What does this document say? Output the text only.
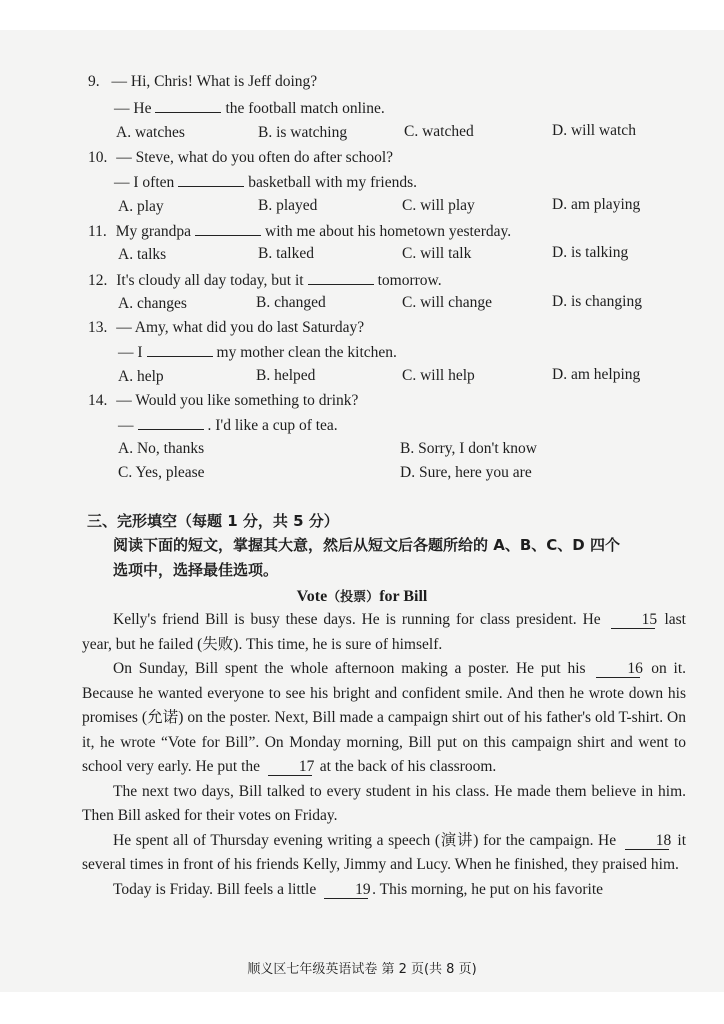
9. — Hi, Chris! What is Jeff doing?
— He	the football match online.
A. watches	B. is watching	C. watched	D. will watch
10. — Steve, what do you often do after school?
— I often	basketball with my friends.
A. play	B. played	C. will play	D. am playing
11. My grandpa	with me about his hometown yesterday.
A. talks	B. talked	C. will talk	D. is talking
12. It's cloudy all day today, but it	tomorrow.
A. changes	B. changed	C. will change	D. is changing
13. — Amy, what did you do last Saturday?
— I	my mother clean the kitchen.
A. help	B. helped	C. will help	D. am helping
14. — Would you like something to drink?
—	. I'd like a cup of tea.
A. No, thanks	B. Sorry, I don't know
C. Yes, please	D. Sure, here you are
三、完形填空（每题 1 分，共 5 分）
阅读下面的短文，掌握其大意，然后从短文后各题所给的 A、B、C、D 四个
选项中，选择最佳选项。
Vote（投票）for Bill

Kelly's friend Bill is busy these days. He is running for class president. He	15 last year, but he failed (失败). This time, he is sure of himself.

On Sunday, Bill spent the whole afternoon making a poster. He put his	16 on it. Because he wanted everyone to see his bright and confident smile. And then he wrote down his promises (允诺) on the poster. Next, Bill made a campaign shirt out of his father's old T-shirt. On it, he wrote “Vote for Bill”. On Monday morning, Bill put on this campaign shirt and went to school very early. He put the	17 at the back of his classroom.

The next two days, Bill talked to every student in his class. He made them believe in him. Then Bill asked for their votes on Friday.

He spent all of Thursday evening writing a speech (演讲) for the campaign. He	18 it several times in front of his friends Kelly, Jimmy and Lucy. When he finished, they praised him.

Today is Friday. Bill feels a little	19. This morning, he put on his favorite

顺义区七年级英语试卷 第 2 页(共 8 页)
